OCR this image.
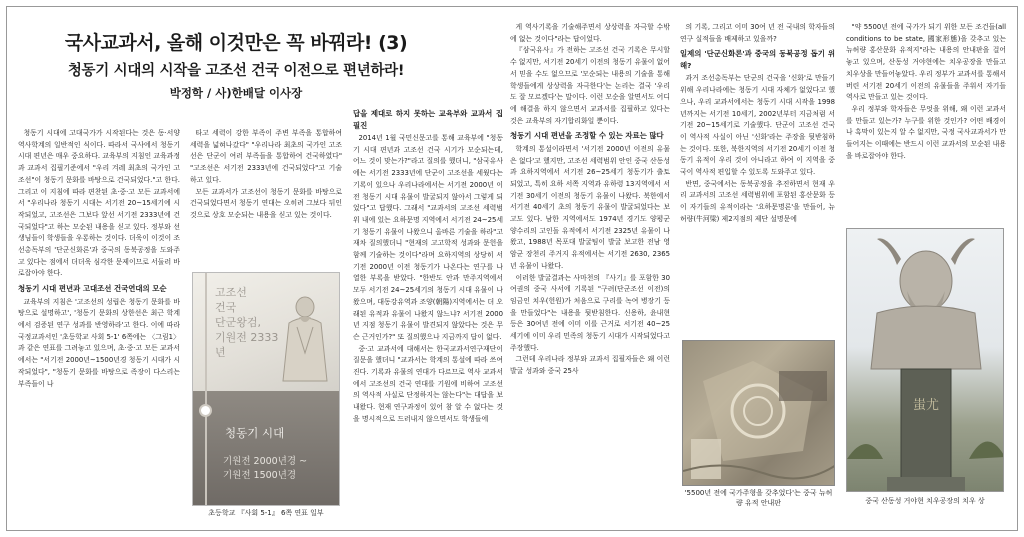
국사교과서, 올해 이것만은 꼭 바꿔라! (3)
청동기 시대의 시작을 고조선 건국 이전으로 편년하라!
박정학 / 사)한배달 이사장

청동기 시대에 고대국가가 시작된다는 것은 동·서양 역사학계의 일반적인 식이다. 따라서 국사에서 청동기 시대 편년은 매우 중요하다. 교육부의 지침인 교육과정과 교과서 집필기준에서 "우리 겨레 최초의 국가인 고조선"이 청동기 문화를 바탕으로 건국되었다."고 한다. 그리고 이 지침에 따라 편찬된 초·중·고 모든 교과서에서 "우리나라 청동기 시대는 서기전 20~15세기에 시작되었고, 고조선은 그보다 앞선 서기전 2333년에 건국되었다"고 하는 모순된 내용을 싣고 있다. 정부와 선생님들이 학생들을 우롱하는 것이다. 더욱이 이것이 조선총독부의 '단군신화론'과 중국의 동북공정을 도와주고 있다는 점에서 더더욱 심각한 문제이므로 서둘러 바로잡아야 한다.

청동기 시대 편년과 고대조선 건국연대의 모순

교육부의 지침은 '고조선의 성립은 청동기 문화를 바탕으로 설명하고', '청동기 문화의 상한선은 최근 학계에서 검증된 연구 성과를 반영하라'고 한다. 이에 따라 국정교과서인 '초등학교 사회 5-1' 6쪽에는 〈그림1〉과 같은 연표를 그려놓고 있으며, 초·중·고 모든 교과서에서는 "서기전 2000년~1500년경 청동기 시대가 시작되었다", "청동기 문화를 바탕으로 족장이 다스리는 부족들이 나

타고 세력이 강한 부족이 주변 부족을 통합하여 세력을 넓혀나갔다" "우리나라 최초의 국가인 고조선은 단군이 여러 부족들을 통합하여 건국하였다" "고조선은 서기전 2333년에 건국되었다"고 기술하고 있다.

모든 교과서가 고조선이 청동기 문화를 바탕으로 건국되었다면서 청동기 연대는 오히려 그보다 뒤인 것으로 상호 모순되는 내용을 싣고 있는 것이다.

고조선
건국
단군왕검,
기원전 2333년
청동기 시대
기원전 2000년경 ~
기원전 1500년경
초등학교 『사회 5-1』 6쪽 연표 일부
답을 제대로 하지 못하는 교육부와 교과서 집필진

2014년 1월 국민신문고를 통해 교육부에 "청동기 시대 편년과 고조선 건국 시기가 모순되는데, 어느 것이 맞는가?"라고 질의를 했더니, "삼국유사에는 서기전 2333년에 단군이 고조선을 세웠다는 기록이 있으나 우리나라에서는 서기전 2000년 이전 청동기 시대 유물이 발굴되지 않아서 그렇게 되었다"고 답했다. 그래서 "교과서의 고조선 세력범위 내에 있는 요하문명 지역에서 서기전 24~25세기 청동기 유물이 나왔으니 올바른 기술을 하라"고 재차 질의했더니 "현재의 고고학적 성과와 문헌을 함께 기술하는 것이다"라며 요하지역의 상당히 서기전 2000년 이전 청동기가 나온다는 연구를 나열한 부록을 받았다. "한반도 안과 만주지역에서 모두 서기전 24~25세기의 청동기 시대 유물이 나왔으며, 대동강유역과 조양(朝陽)지역에서는 더 오래된 유적과 유물이 나왔지 않느냐? 서기전 2000년 지점 청동기 유물이 발견되지 않았다는 것은 무슨 근거인가?" 또 질의했으나 지금까지 답이 없다.

중·고 교과서에 대해서는 한국교과서연구재단이 질문을 했더니 "교과서는 학계의 통설에 따라 쓰여진다. 기록과 유물의 연대가 다르므로 역사 교과서에서 고조선의 건국 연대를 기원에 비하여 고조선의 역사적 사실로 단정하지는 않는다"는 대답을 보내왔다. 현재 연구과정이 있어 참 알 수 없다는 것을 명시적으로 드러내지 않으면서도 학생들에

게 역사기록을 기술해주면서 상상력을 자극할 수밖에 없는 것이다"라는 답이었다.

『삼국유사』가 전하는 고조선 건국 기록은 무시할 수 없지만, 서기전 20세기 이전의 청동기 유물이 없어서 믿을 수도 없으므로 '모순되는 내용의 기술을 통해 학생들에게 상상력을 자극한다'는 논리는 결국 '우리도 잘 모르겠다'는 말이다. 이런 모순을 알면서도 어디에 해결을 하지 않으면서 교과서를 집필하고 있다는 것은 교육부의 자기합리화일 뿐이다.

청동기 시대 편년을 조정할 수 있는 자료는 많다

학계의 통설이라면서 '서기전 2000년 이전의 유물은 없다'고 했지만, 고조선 세력범위 안인 중국 산동성과 요하지역에서 서기전 26~25세기 청동기가 출토되었고, 특히 요하 서쪽 지역과 유하령 13지역에서 서기전 30세기 이전의 청동기 유물이 나왔다. 북한에서 서기전 40세기 초의 청동기 유물이 발굴되었다는 보고도 있다. 남한 지역에서도 1974년 경기도 양평군 양수리의 고인돌 유적에서 서기전 2325년 유물이 나왔고, 1988년 목포대 발굴팀이 발굴 보고한 전남 영암군 장천리 주거지 유적에서는 서기전 2630, 2365년 유물이 나왔다.

이러한 발굴결과는 사마천의 『사기』를 포함한 30여권의 중국 사서에 기록된 "구려(단군조선 이전)의 임금인 치우(헌원)가 처음으로 구리를 녹여 병장기 등을 만들었다"는 내용을 뒷받침한다. 신용하, 윤내현 등은 30여년 전에 이미 이를 근거로 서기전 40~25세기에 이미 우리 민족의 청동기 시대가 시작되었다고 주장했다.

그런데 우리나라 정부와 교과서 집필자들은 왜 이런 발굴 성과와 중국 25사

의 기록, 그리고 이미 30여 년 전 국내의 학자들의 연구 실적들을 배제하고 있을까?

일제의 '단군신화론'과 중국의 동북공정 돕기 위해?

과거 조선총독부는 단군의 건국을 '신화'로 만들기 위해 우리나라에는 청동기 시대 자체가 없었다고 했으나, 우리 교과서에서는 청동기 시대 시작을 1998년까지는 서기전 10세기, 2002년부터 지금처럼 서기전 20~15세기로 기술했다. 단군이 고조선 건국이 역사적 사실이 아닌 '신화'라는 주장을 뒷받침하는 것이다. 또한, 북한지역의 서기전 20세기 이전 청동기 유적이 우리 것이 아니라고 하여 이 지역을 중국이 역사적 편입할 수 있도록 도와주고 있다.

반면, 중국에서는 동북공정을 추진하면서 현재 우리 교과서의 고조선 세력범위에 포함된 홍산문화 등이 자기들의 유적이라는 '요하문명론'을 만들어, 뉴허량(牛河梁) 제2지점의 제단 설명문에

'5500년 전에 국가주형을 갖추었다'는 중국 뉴허량 유적 안내판

"약 5500년 전에 국가가 되기 위한 모든 조건들(all conditions to be state, 國家形態)을 갖추고 있는 뉴허량 홍산문화 유적지"라는 내용의 안내판을 걸어놓고 있으며, 산동성 거야현에는 치우공장을 만들고 치우상을 만들어놓았다. 우리 정부가 교과서를 통해서 버린 서기전 20세기 이전의 유물들을 주워서 자기들 역사로 만들고 있는 것이다.

우리 정부와 학자들은 무엇을 위해, 왜 이런 교과서를 만들고 있는가? 누구를 위한 것인가? 어떤 배경이나 흑막이 있는지 알 수 없지만, 국정 국사교과서가 만들어지는 이때에는 반드시 이런 교과서의 모순된 내용을 바로잡아야 한다.

蚩尤
중국 산동성 거야현 치우공장의 치우 상
